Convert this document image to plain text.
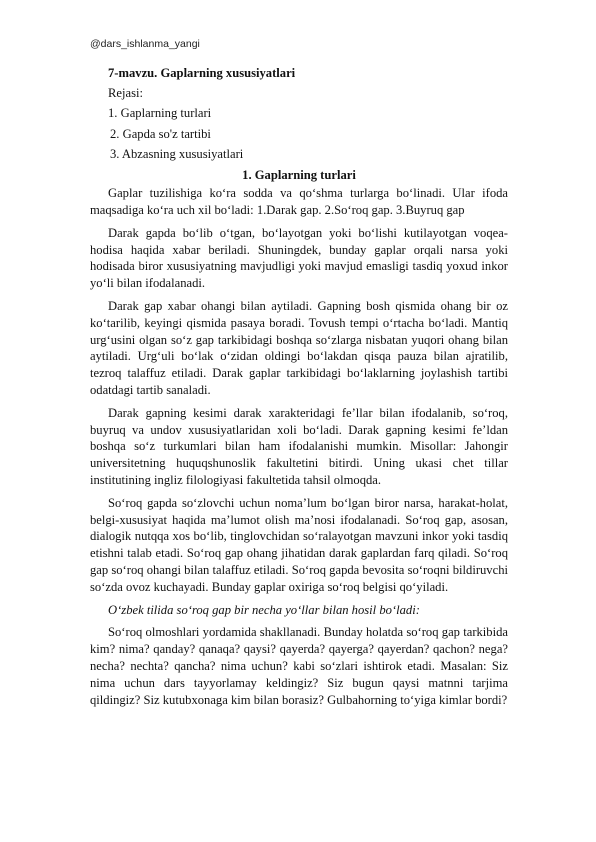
@dars_ishlanma_yangi
7-mavzu. Gaplarning xususiyatlari
Rejasi:
1. Gaplarning turlari
2. Gapda so'z tartibi
3. Abzasning xususiyatlari
1. Gaplarning turlari

Gaplar tuzilishiga ko‘ra sodda va qo‘shma turlarga bo‘linadi. Ular ifoda maqsadiga ko‘ra uch xil bo‘ladi: 1.Darak gap. 2.So‘roq gap. 3.Buyruq gap

Darak gapda bo‘lib o‘tgan, bo‘layotgan yoki bo‘lishi kutilayotgan voqea-hodisa haqida xabar beriladi. Shuningdek, bunday gaplar orqali narsa yoki hodisada biror xususiyatning mavjudligi yoki mavjud emasligi tasdiq yoxud inkor yo‘li bilan ifodalanadi.

Darak gap xabar ohangi bilan aytiladi. Gapning bosh qismida ohang bir oz ko‘tarilib, keyingi qismida pasaya boradi. Tovush tempi o‘rtacha bo‘ladi. Mantiq urg‘usini olgan so‘z gap tarkibidagi boshqa so‘zlarga nisbatan yuqori ohang bilan aytiladi. Urg‘uli bo‘lak o‘zidan oldingi bo‘lakdan qisqa pauza bilan ajratilib, tezroq talaffuz etiladi. Darak gaplar tarkibidagi bo‘laklarning joylashish tartibi odatdagi tartib sanaladi.

Darak gapning kesimi darak xarakteridagi fe’llar bilan ifodalanib, so‘roq, buyruq va undov xususiyatlaridan xoli bo‘ladi. Darak gapning kesimi fe’ldan boshqa so‘z turkumlari bilan ham ifodalanishi mumkin. Misollar: Jahongir universitetning huquqshunoslik fakultetini bitirdi. Uning ukasi chet tillar institutining ingliz filologiyasi fakultetida tahsil olmoqda.

So‘roq gapda so‘zlovchi uchun noma’lum bo‘lgan biror narsa, harakat-holat, belgi-xususiyat haqida ma’lumot olish ma’nosi ifodalanadi. So‘roq gap, asosan, dialogik nutqqa xos bo‘lib, tinglovchidan so‘ralayotgan mavzuni inkor yoki tasdiq etishni talab etadi. So‘roq gap ohang jihatidan darak gaplardan farq qiladi. So‘roq gap so‘roq ohangi bilan talaffuz etiladi. So‘roq gapda bevosita so‘roqni bildiruvchi so‘zda ovoz kuchayadi. Bunday gaplar oxiriga so‘roq belgisi qo‘yiladi.

O‘zbek tilida so‘roq gap bir necha yo‘llar bilan hosil bo‘ladi:

So‘roq olmoshlari yordamida shakllanadi. Bunday holatda so‘roq gap tarkibida kim? nima? qanday? qanaqa? qaysi? qayerda? qayerga? qayerdan? qachon? nega? necha? nechta? qancha? nima uchun? kabi so‘zlari ishtirok etadi. Masalan: Siz nima uchun dars tayyorlamay keldingiz? Siz bugun qaysi matnni tarjima qildingiz? Siz kutubxonaga kim bilan borasiz? Gulbahorning to‘yiga kimlar bordi?
